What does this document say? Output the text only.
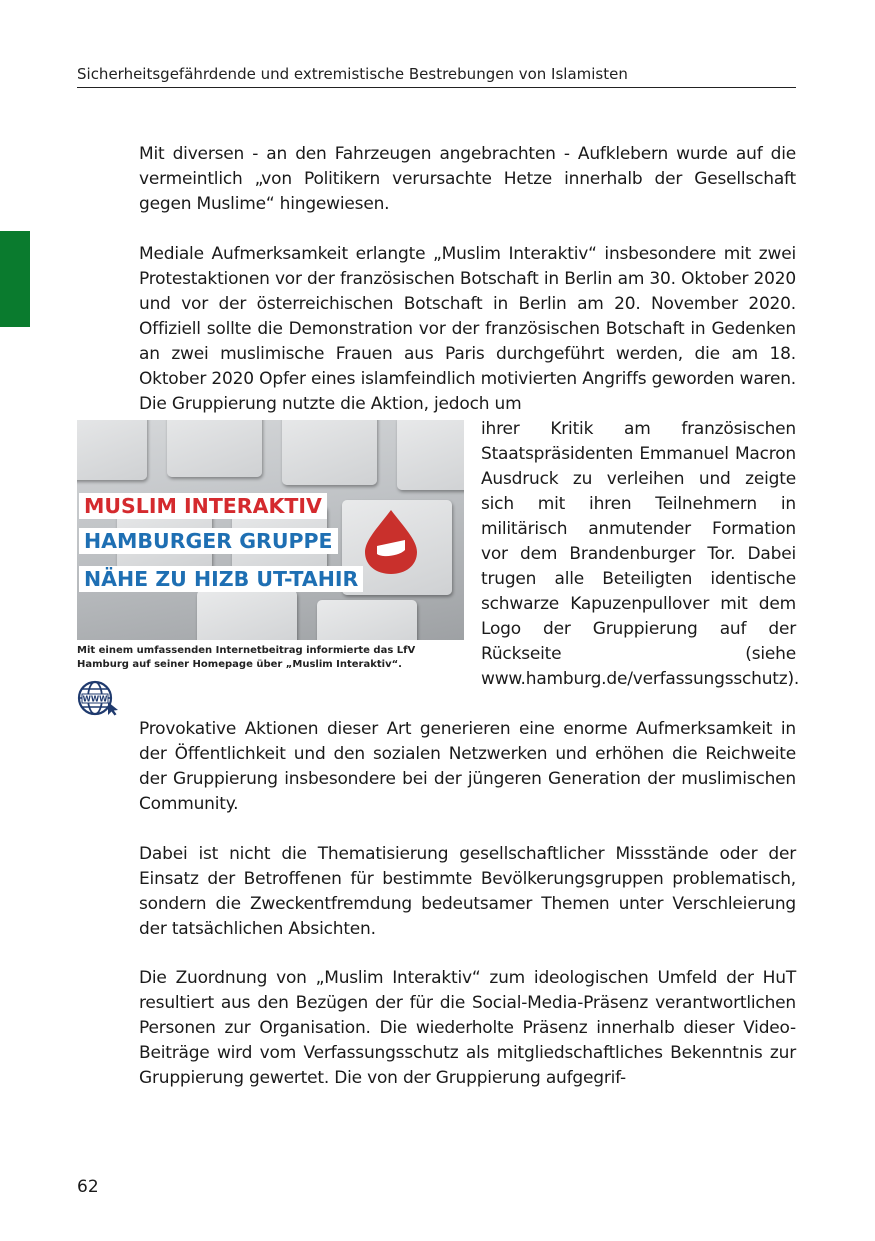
Sicherheitsgefährdende und extremistische Bestrebungen von Islamisten

Mit diversen - an den Fahrzeugen angebrachten - Aufklebern wurde auf die vermeintlich „von Politikern verursachte Hetze innerhalb der Gesellschaft gegen Muslime“ hingewiesen.

Mediale Aufmerksamkeit erlangte „Muslim Interaktiv“ insbesondere mit zwei Protestaktionen vor der französischen Botschaft in Berlin am 30. Oktober 2020 und vor der österreichischen Botschaft in Berlin am 20. November 2020. Offiziell sollte die Demonstration vor der französischen Botschaft in Gedenken an zwei muslimische Frauen aus Paris durchgeführt werden, die am 18. Oktober 2020 Opfer eines islamfeindlich motivierten Angriffs geworden waren. Die Gruppierung nutzte die Aktion, jedoch um

ihrer Kritik am französischen Staatspräsidenten Emmanuel Macron Ausdruck zu verleihen und zeigte sich mit ihren Teilnehmern in militärisch anmutender Formation vor dem Brandenburger Tor. Dabei trugen alle Beteiligten identische schwarze Kapuzenpullover mit dem Logo der Gruppierung auf der Rückseite (siehe www.hamburg.de/verfassungsschutz).

MUSLIM INTERAKTIV
HAMBURGER GRUPPE
NÄHE ZU HIZB UT-TAHIR
Mit einem umfassenden Internetbeitrag informierte das LfV Hamburg auf seiner Homepage über „Muslim Interaktiv“.
WWW

Provokative Aktionen dieser Art generieren eine enorme Aufmerksamkeit in der Öffentlichkeit und den sozialen Netzwerken und erhöhen die Reichweite der Gruppierung insbesondere bei der jüngeren Generation der muslimischen Community.

Dabei ist nicht die Thematisierung gesellschaftlicher Missstände oder der Einsatz der Betroffenen für bestimmte Bevölkerungsgruppen problematisch, sondern die Zweckentfremdung bedeutsamer Themen unter Verschleierung der tatsächlichen Absichten.

Die Zuordnung von „Muslim Interaktiv“ zum ideologischen Umfeld der HuT resultiert aus den Bezügen der für die Social-Media-Präsenz verantwortlichen Personen zur Organisation. Die wiederholte Präsenz innerhalb dieser Video-Beiträge wird vom Verfassungsschutz als mitgliedschaftliches Bekenntnis zur Gruppierung gewertet. Die von der Gruppierung aufgegrif-

62
